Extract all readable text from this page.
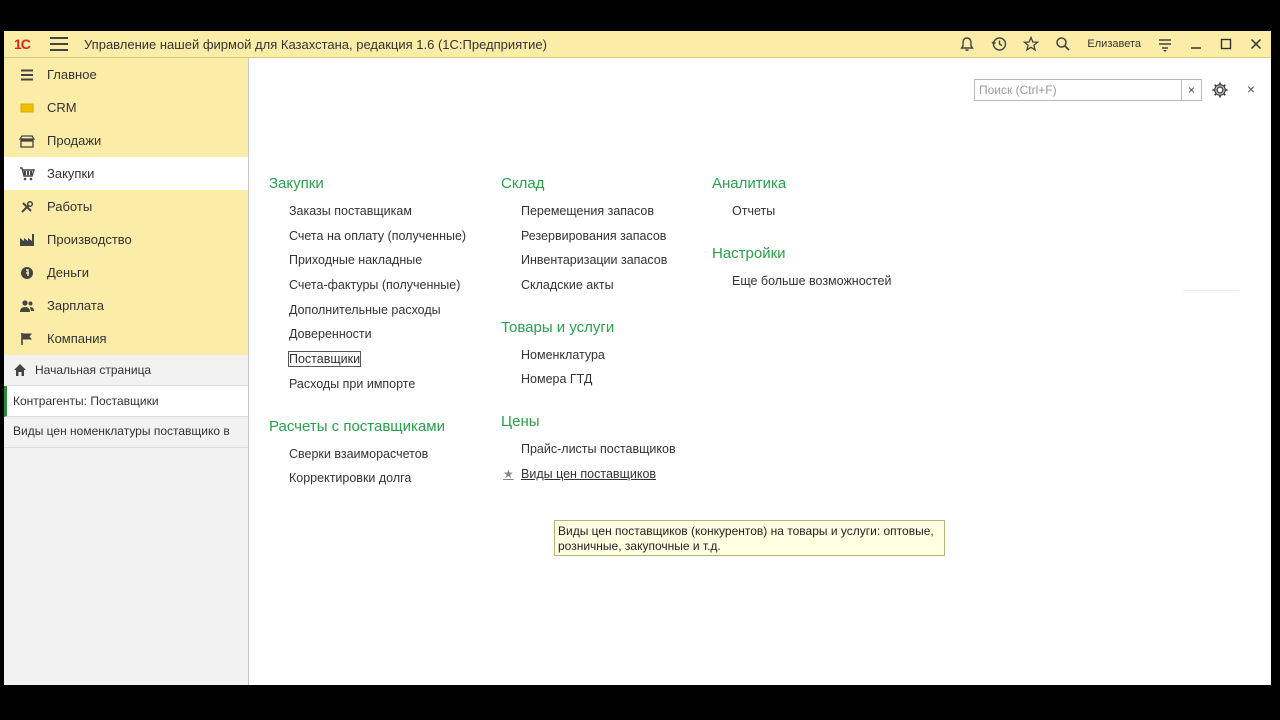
1С	Управление нашей фирмой для Казахстана, редакция 1.6 (1С:Предприятие)	Елизавета
Главное
CRM
Продажи
Закупки
Работы
Производство
Деньги
Зарплата
Компания
Начальная страница
Контрагенты: Поставщики
Виды цен номенклатуры поставщико в
Поиск (Ctrl+F)
×	×
Закупки
Заказы поставщикам
Счета на оплату (полученные)
Приходные накладные
Счета-фактуры (полученные)
Дополнительные расходы
Доверенности
Поставщики
Расходы при импорте
Расчеты с поставщиками
Сверки взаиморасчетов
Корректировки долга
Склад
Перемещения запасов
Резервирования запасов
Инвентаризации запасов
Складские акты
Товары и услуги
Номенклатура
Номера ГТД
Цены
Прайс-листы поставщиков
★ Виды цен поставщиков
Аналитика
Отчеты
Настройки
Еще больше возможностей
Виды цен поставщиков (конкурентов) на товары и услуги: оптовые, розничные, закупочные и т.д.
